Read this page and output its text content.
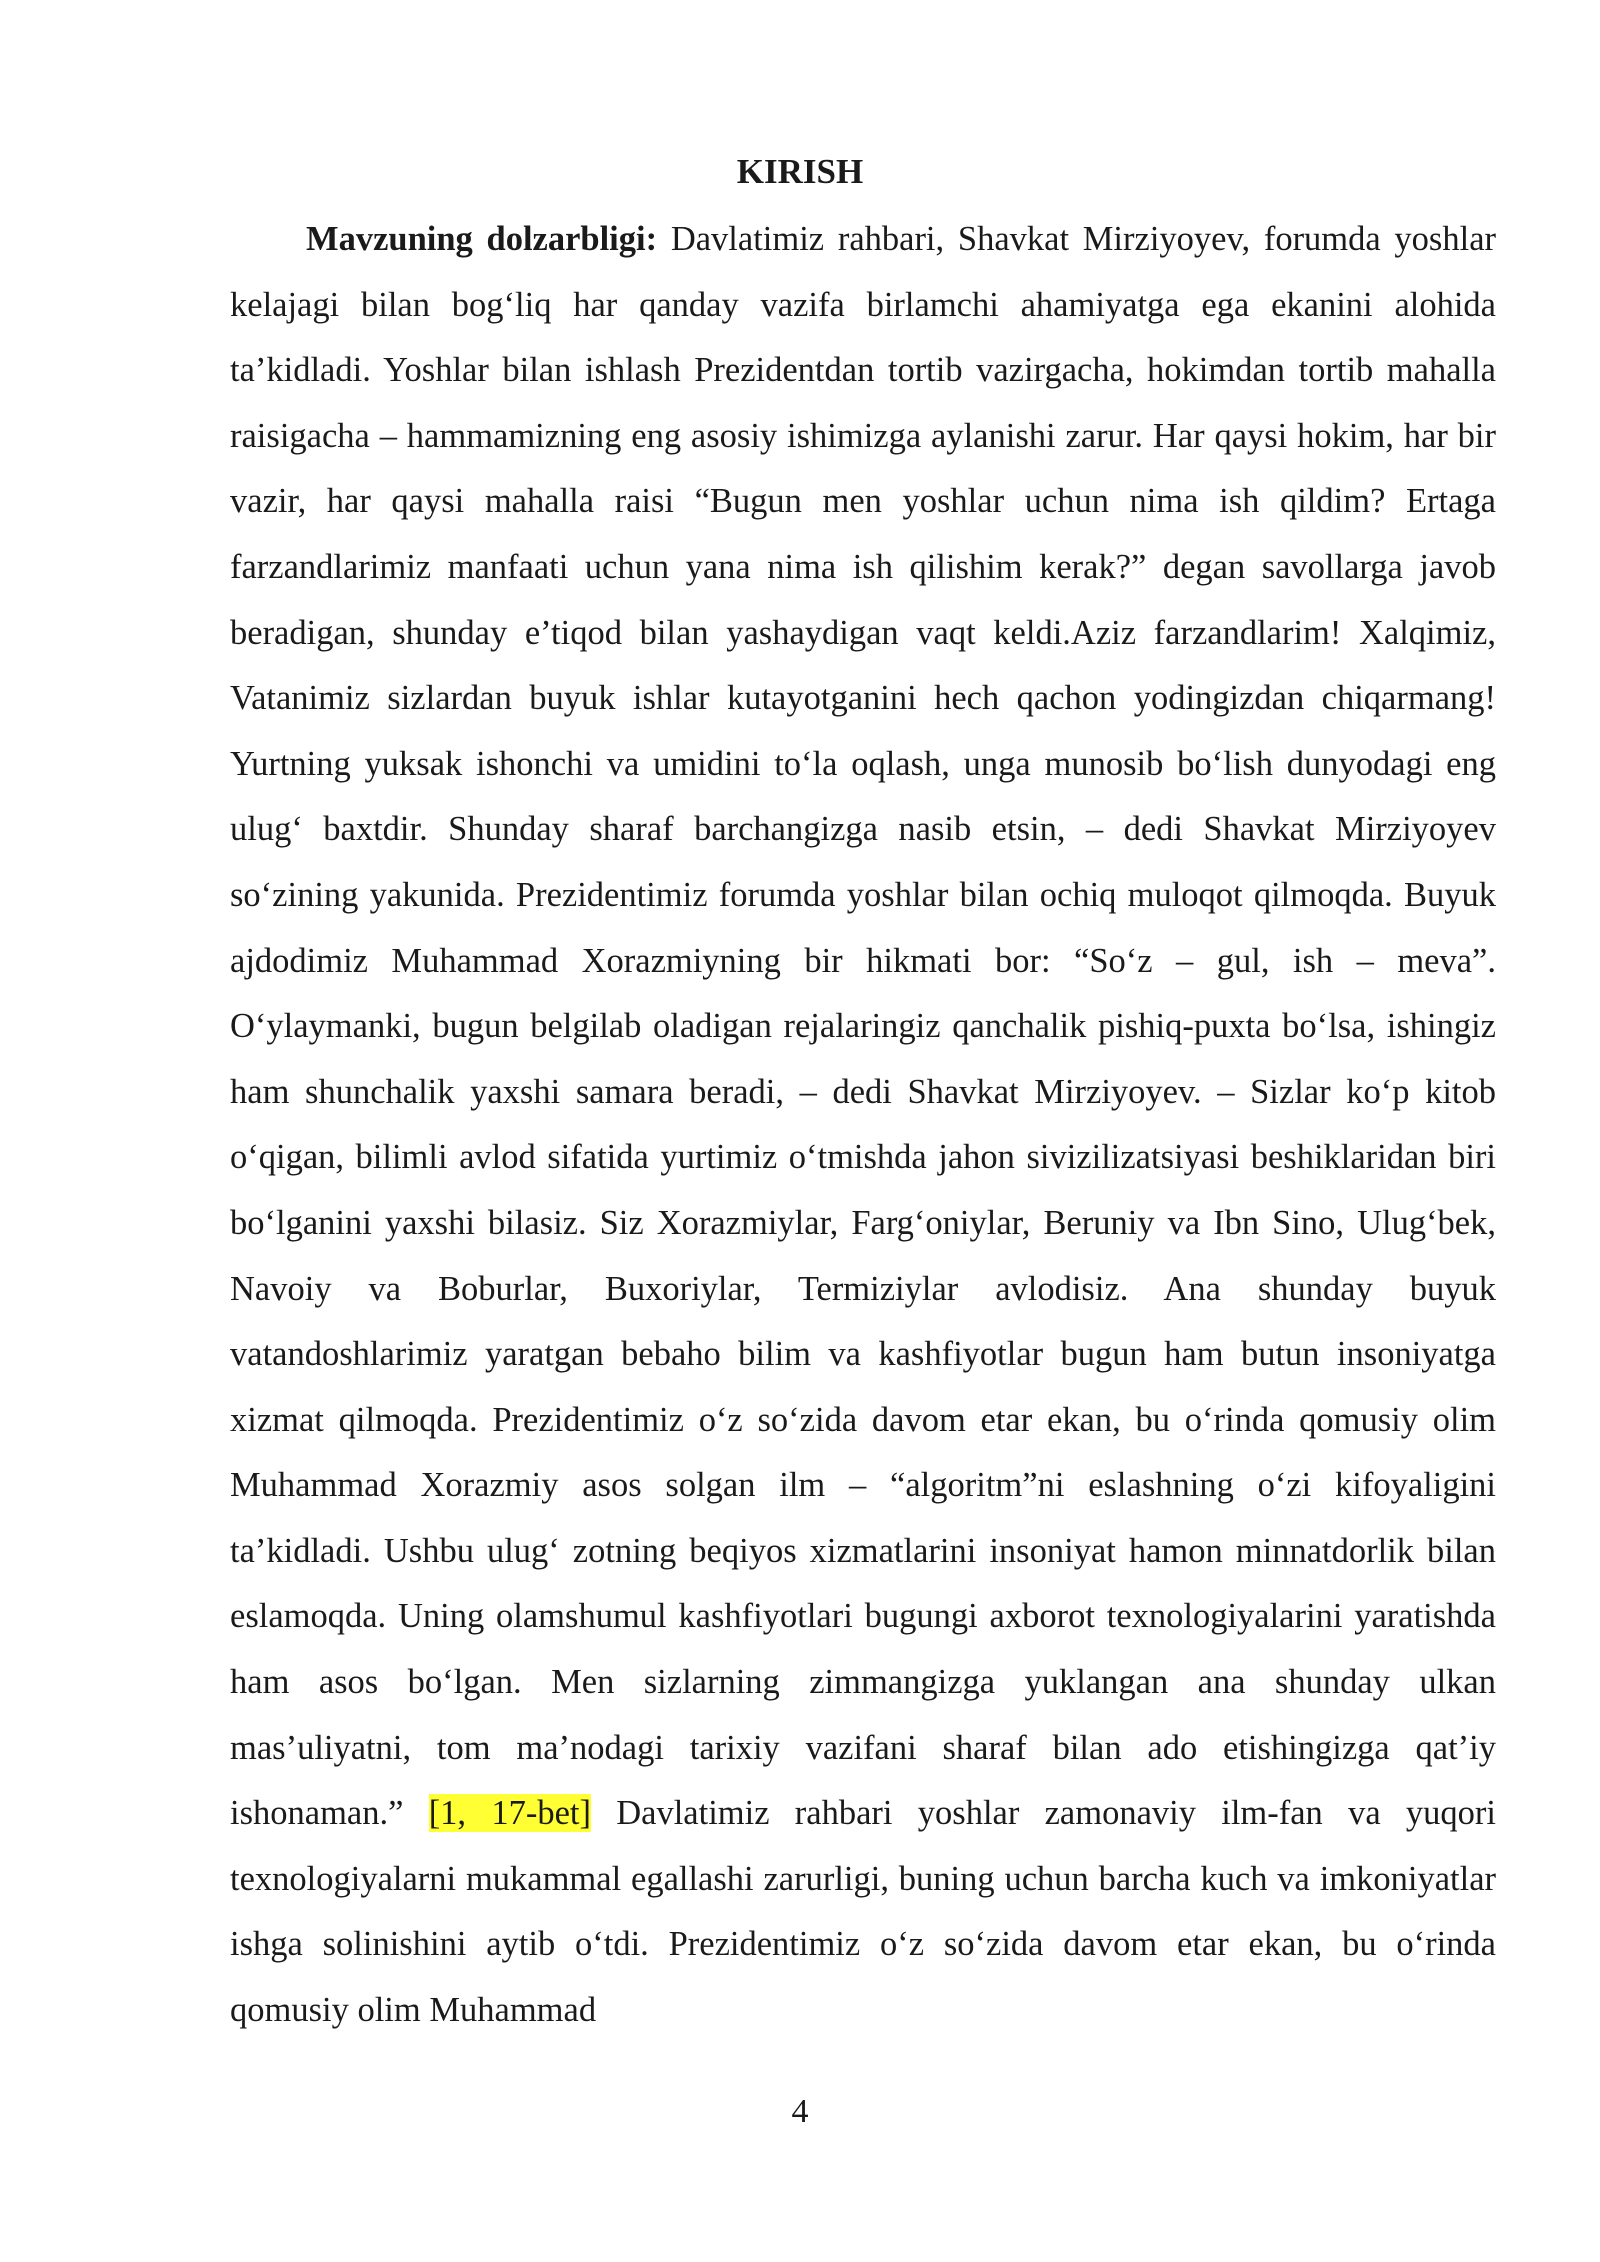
KIRISH

Mavzuning dolzarbligi: Davlatimiz rahbari, Shavkat Mirziyoyev, forumda yoshlar kelajagi bilan bog‘liq har qanday vazifa birlamchi ahamiyatga ega ekanini alohida ta’kidladi. Yoshlar bilan ishlash Prezidentdan tortib vazirgacha, hokimdan tortib mahalla raisigacha – hammamizning eng asosiy ishimizga aylanishi zarur. Har qaysi hokim, har bir vazir, har qaysi mahalla raisi “Bugun men yoshlar uchun nima ish qildim? Ertaga farzandlarimiz manfaati uchun yana nima ish qilishim kerak?” degan savollarga javob beradigan, shunday e’tiqod bilan yashaydigan vaqt keldi.Aziz farzandlarim! Xalqimiz, Vatanimiz sizlardan buyuk ishlar kutayotganini hech qachon yodingizdan chiqarmang! Yurtning yuksak ishonchi va umidini to‘la oqlash, unga munosib bo‘lish dunyodagi eng ulug‘ baxtdir. Shunday sharaf barchangizga nasib etsin, – dedi Shavkat Mirziyoyev so‘zining yakunida. Prezidentimiz forumda yoshlar bilan ochiq muloqot qilmoqda. Buyuk ajdodimiz Muhammad Xorazmiyning bir hikmati bor: “So‘z – gul, ish – meva”. O‘ylaymanki, bugun belgilab oladigan rejalaringiz qanchalik pishiq-puxta bo‘lsa, ishingiz ham shunchalik yaxshi samara beradi, – dedi Shavkat Mirziyoyev. – Sizlar ko‘p kitob o‘qigan, bilimli avlod sifatida yurtimiz o‘tmishda jahon sivizilizatsiyasi beshiklaridan biri bo‘lganini yaxshi bilasiz. Siz Xorazmiylar, Farg‘oniylar, Beruniy va Ibn Sino, Ulug‘bek, Navoiy va Boburlar, Buxoriylar, Termiziylar avlodisiz. Ana shunday buyuk vatandoshlarimiz yaratgan bebaho bilim va kashfiyotlar bugun ham butun insoniyatga xizmat qilmoqda. Prezidentimiz o‘z so‘zida davom etar ekan, bu o‘rinda qomusiy olim Muhammad Xorazmiy asos solgan ilm – “algoritm”ni eslashning o‘zi kifoyaligini ta’kidladi. Ushbu ulug‘ zotning beqiyos xizmatlarini insoniyat hamon minnatdorlik bilan eslamoqda. Uning olamshumul kashfiyotlari bugungi axborot texnologiyalarini yaratishda ham asos bo‘lgan. Men sizlarning zimmangizga yuklangan ana shunday ulkan mas’uliyatni, tom ma’nodagi tarixiy vazifani sharaf bilan ado etishingizga qat’iy ishonaman.” [1, 17-bet] Davlatimiz rahbari yoshlar zamonaviy ilm-fan va yuqori texnologiyalarni mukammal egallashi zarurligi, buning uchun barcha kuch va imkoniyatlar ishga solinishini aytib o‘tdi. Prezidentimiz o‘z so‘zida davom etar ekan, bu o‘rinda qomusiy olim Muhammad

4
